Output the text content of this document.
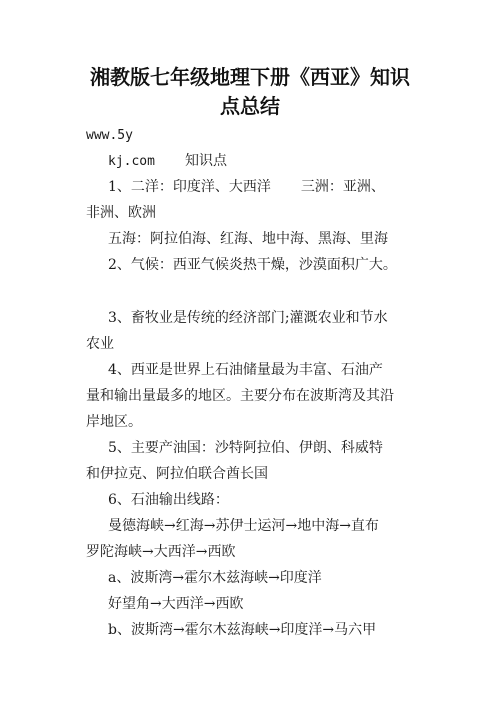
湘教版七年级地理下册《西亚》知识
点总结
www.5y
kj.com 知识点
1、二洋：印度洋、大西洋 三洲：亚洲、
非洲、欧洲
五海：阿拉伯海、红海、地中海、黑海、里海
2、气候：西亚气候炎热干燥，沙漠面积广大。
3、畜牧业是传统的经济部门;灌溉农业和节水
农业
4、西亚是世界上石油储量最为丰富、石油产
量和输出量最多的地区。主要分布在波斯湾及其沿
岸地区。
5、主要产油国：沙特阿拉伯、伊朗、科威特
和伊拉克、阿拉伯联合酋长国
6、石油输出线路：
曼德海峡→红海→苏伊士运河→地中海→直布
罗陀海峡→大西洋→西欧
a、波斯湾→霍尔木兹海峡→印度洋
好望角→大西洋→西欧
b、波斯湾→霍尔木兹海峡→印度洋→马六甲
